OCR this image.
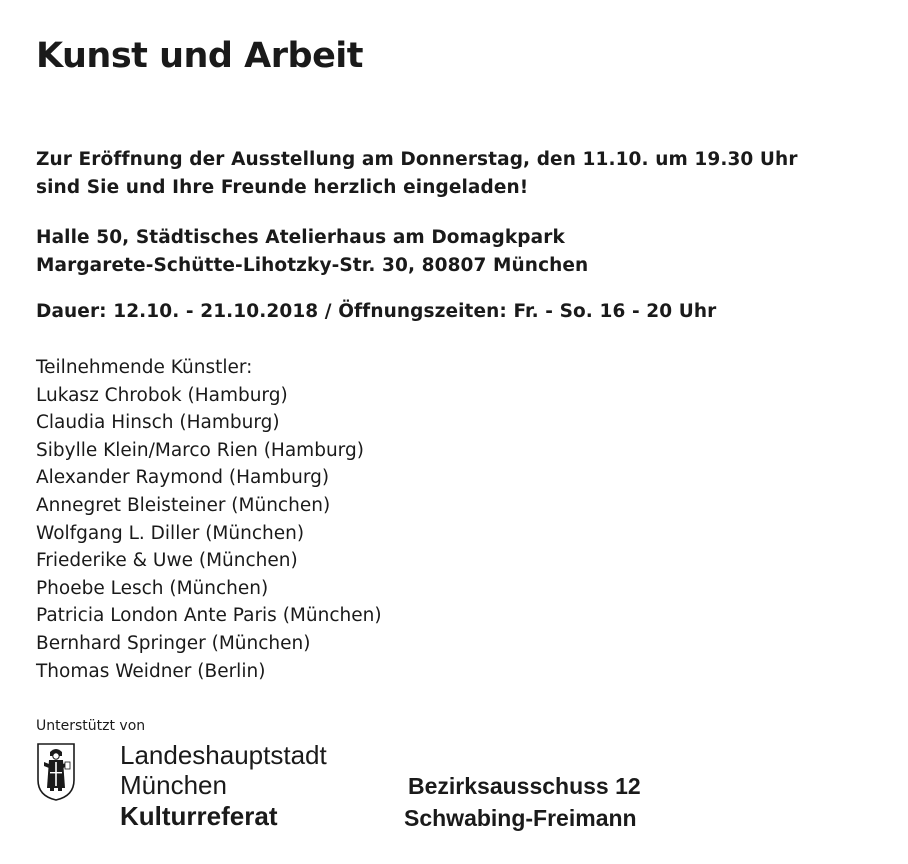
Kunst und Arbeit

Zur Eröffnung der Ausstellung am Donnerstag, den 11.10. um 19.30 Uhr
sind Sie und Ihre Freunde herzlich eingeladen!

Halle 50, Städtisches Atelierhaus am Domagkpark
Margarete-Schütte-Lihotzky-Str. 30, 80807 München

Dauer: 12.10. - 21.10.2018 / Öffnungszeiten: Fr. - So. 16 - 20 Uhr

Teilnehmende Künstler:
Lukasz Chrobok (Hamburg)
Claudia Hinsch (Hamburg)
Sibylle Klein/Marco Rien (Hamburg)
Alexander Raymond (Hamburg)
Annegret Bleisteiner (München)
Wolfgang L. Diller (München)
Friederike & Uwe (München)
Phoebe Lesch (München)
Patricia London Ante Paris (München)
Bernhard Springer (München)
Thomas Weidner (Berlin)
Unterstützt von
Landeshauptstadt
München
Kulturreferat
Bezirksausschuss 12
Schwabing-Freimann
